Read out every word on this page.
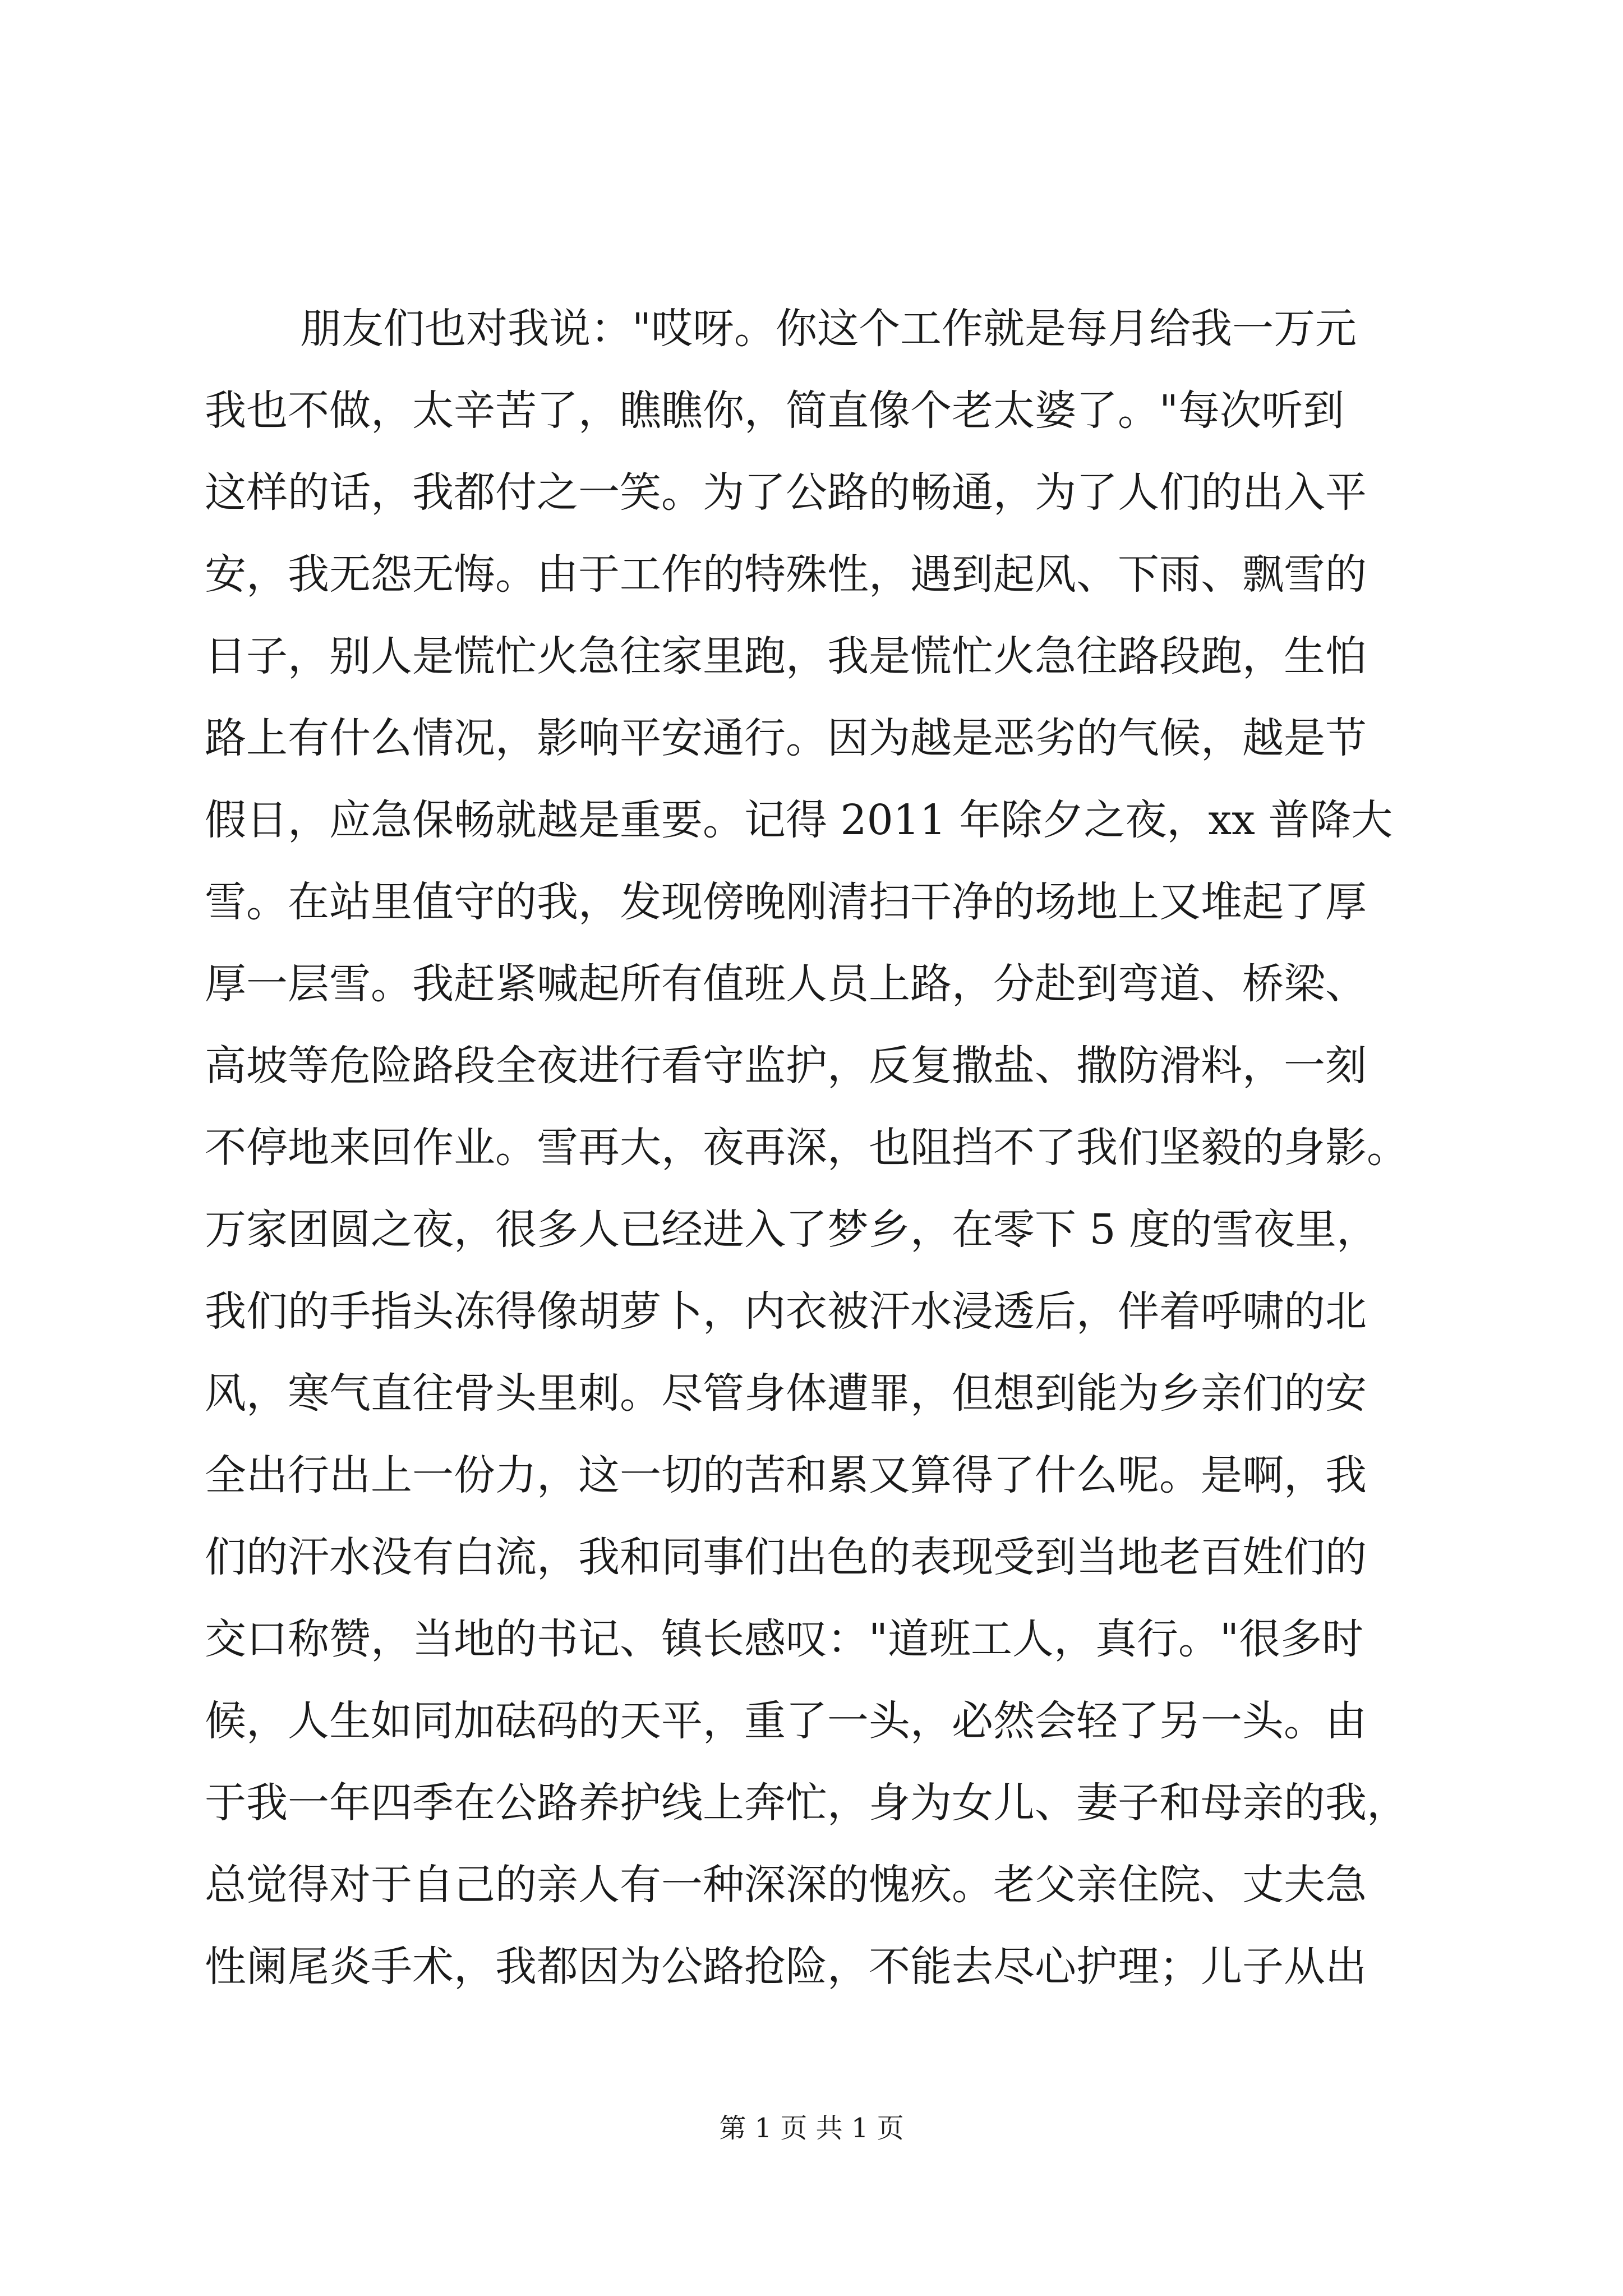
朋友们也对我说："哎呀。你这个工作就是每月给我一万元
我也不做，太辛苦了，瞧瞧你，简直像个老太婆了。"每次听到
这样的话，我都付之一笑。为了公路的畅通，为了人们的出入平
安，我无怨无悔。由于工作的特殊性，遇到起风、下雨、飘雪的
日子，别人是慌忙火急往家里跑，我是慌忙火急往路段跑，生怕
路上有什么情况，影响平安通行。因为越是恶劣的气候，越是节
假日，应急保畅就越是重要。记得 2011 年除夕之夜，xx 普降大
雪。在站里值守的我，发现傍晚刚清扫干净的场地上又堆起了厚
厚一层雪。我赶紧喊起所有值班人员上路，分赴到弯道、桥梁、
高坡等危险路段全夜进行看守监护，反复撒盐、撒防滑料，一刻
不停地来回作业。雪再大，夜再深，也阻挡不了我们坚毅的身影。
万家团圆之夜，很多人已经进入了梦乡，在零下 5 度的雪夜里，
我们的手指头冻得像胡萝卜，内衣被汗水浸透后，伴着呼啸的北
风，寒气直往骨头里刺。尽管身体遭罪，但想到能为乡亲们的安
全出行出上一份力，这一切的苦和累又算得了什么呢。是啊，我
们的汗水没有白流，我和同事们出色的表现受到当地老百姓们的
交口称赞，当地的书记、镇长感叹："道班工人，真行。"很多时
候，人生如同加砝码的天平，重了一头，必然会轻了另一头。由
于我一年四季在公路养护线上奔忙，身为女儿、妻子和母亲的我，
总觉得对于自己的亲人有一种深深的愧疚。老父亲住院、丈夫急
性阑尾炎手术，我都因为公路抢险，不能去尽心护理；儿子从出
第 1 页 共 1 页
